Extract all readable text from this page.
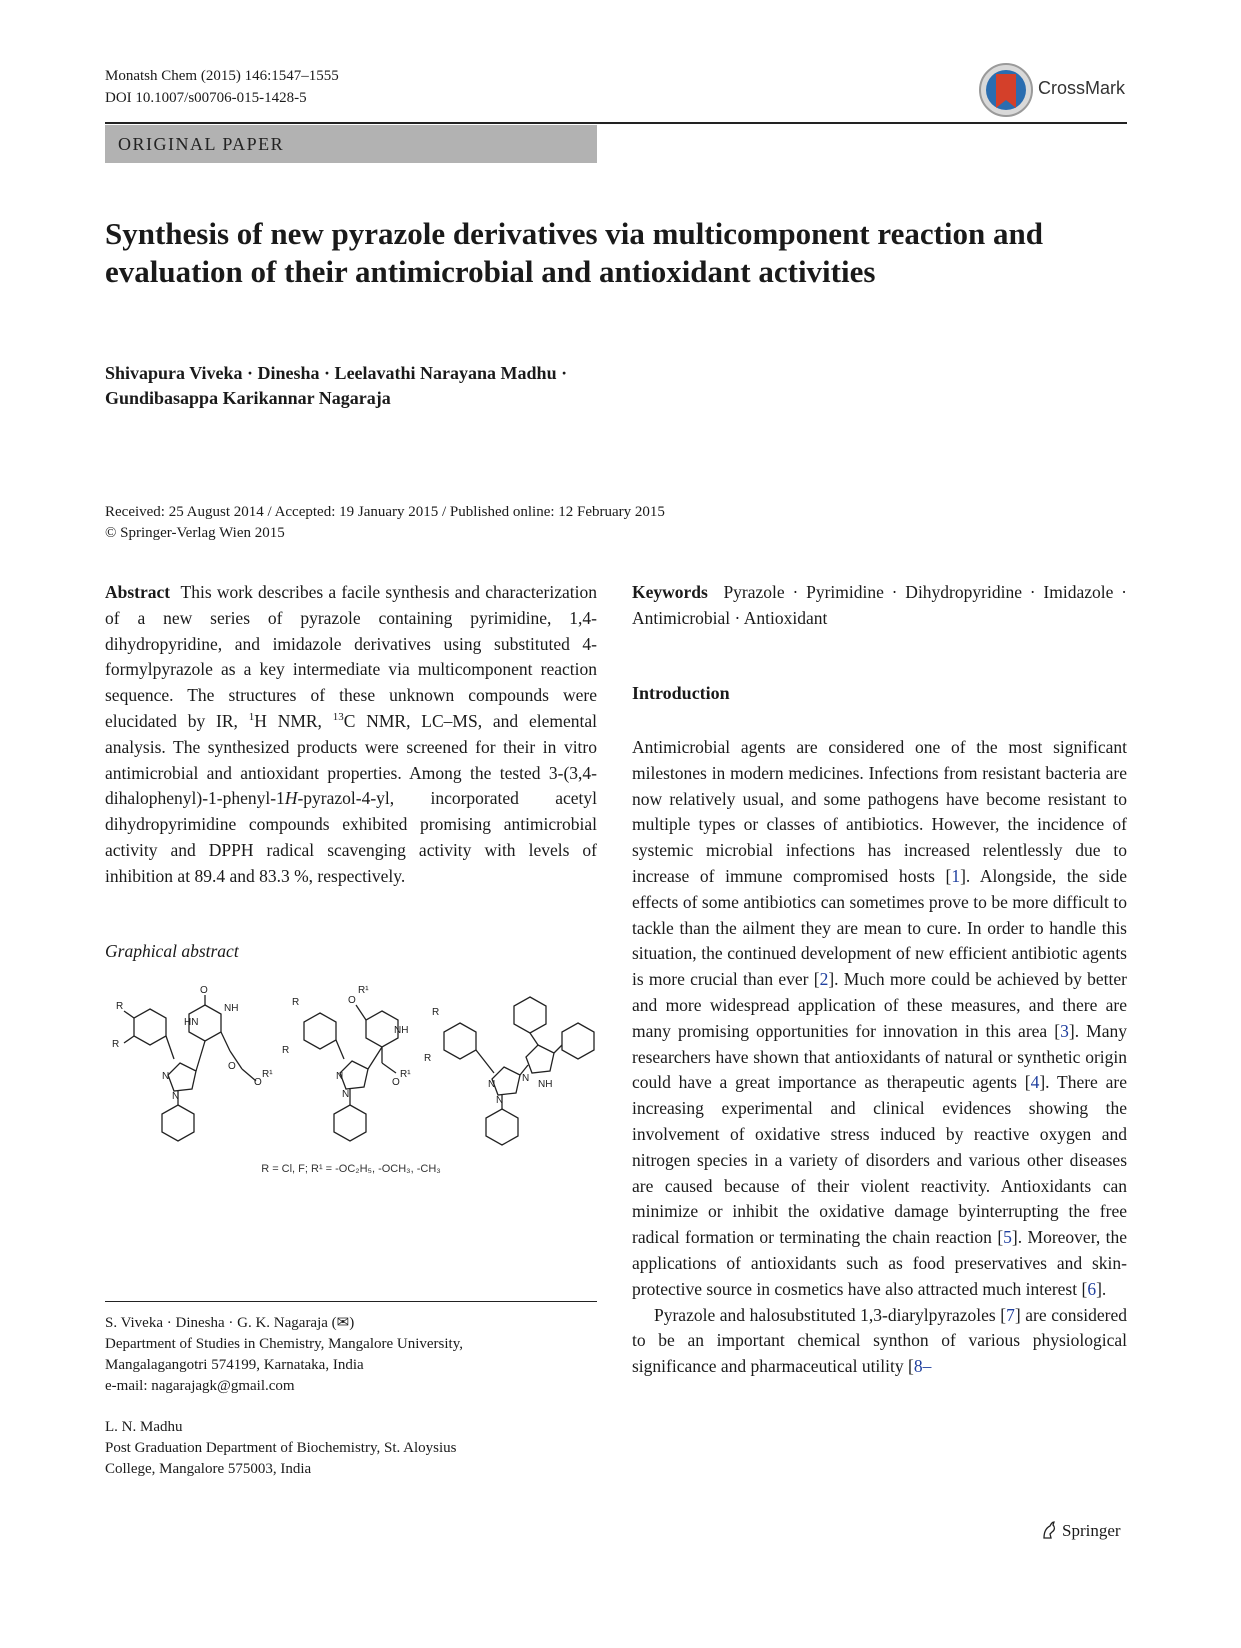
Monatsh Chem (2015) 146:1547–1555
DOI 10.1007/s00706-015-1428-5	CrossMark
ORIGINAL PAPER
Synthesis of new pyrazole derivatives via multicomponent reaction and evaluation of their antimicrobial and antioxidant activities
Shivapura Viveka · Dinesha · Leelavathi Narayana Madhu ·
Gundibasappa Karikannar Nagaraja
Received: 25 August 2014 / Accepted: 19 January 2015 / Published online: 12 February 2015
© Springer-Verlag Wien 2015
Abstract This work describes a facile synthesis and characterization of a new series of pyrazole containing pyrimidine, 1,4-dihydropyridine, and imidazole derivatives using substituted 4-formylpyrazole as a key intermediate via multicomponent reaction sequence. The structures of these unknown compounds were elucidated by IR, $^1$H NMR, $^{13}$C NMR, LC–MS, and elemental analysis. The synthesized products were screened for their in vitro antimicrobial and antioxidant properties. Among the tested 3-(3,4-dihalophenyl)-1-phenyl-1H-pyrazol-4-yl, incorporated acetyl dihydropyrimidine compounds exhibited promising antimicrobial activity and DPPH radical scavenging activity with levels of inhibition at 89.4 and 83.3 %, respectively.
Graphical abstract
R
R
O
HN
NH
N
N
O
O
R¹
R
R
O
R¹
NH
N
N
O
R¹
R
R
N
NH
N
N
R = Cl, F; R¹ = -OC₂H₅, -OCH₃, -CH₃
S. Viveka · Dinesha · G. K. Nagaraja (✉)
Department of Studies in Chemistry, Mangalore University,
Mangalagangotri 574199, Karnataka, India
e-mail: nagarajagk@gmail.com
L. N. Madhu
Post Graduation Department of Biochemistry, St. Aloysius
College, Mangalore 575003, India
Keywords Pyrazole · Pyrimidine · Dihydropyridine · Imidazole · Antimicrobial · Antioxidant
Introduction

Antimicrobial agents are considered one of the most significant milestones in modern medicines. Infections from resistant bacteria are now relatively usual, and some pathogens have become resistant to multiple types or classes of antibiotics. However, the incidence of systemic microbial infections has increased relentlessly due to increase of immune compromised hosts [1]. Alongside, the side effects of some antibiotics can sometimes prove to be more difficult to tackle than the ailment they are mean to cure. In order to handle this situation, the continued development of new efficient antibiotic agents is more crucial than ever [2]. Much more could be achieved by better and more widespread application of these measures, and there are many promising opportunities for innovation in this area [3]. Many researchers have shown that antioxidants of natural or synthetic origin could have a great importance as therapeutic agents [4]. There are increasing experimental and clinical evidences showing the involvement of oxidative stress induced by reactive oxygen and nitrogen species in a variety of disorders and various other diseases are caused because of their violent reactivity. Antioxidants can minimize or inhibit the oxidative damage byinterrupting the free radical formation or terminating the chain reaction [5]. Moreover, the applications of antioxidants such as food preservatives and skin-protective source in cosmetics have also attracted much interest [6].

Pyrazole and halosubstituted 1,3-diarylpyrazoles [7] are considered to be an important chemical synthon of various physiological significance and pharmaceutical utility [8–

Springer
